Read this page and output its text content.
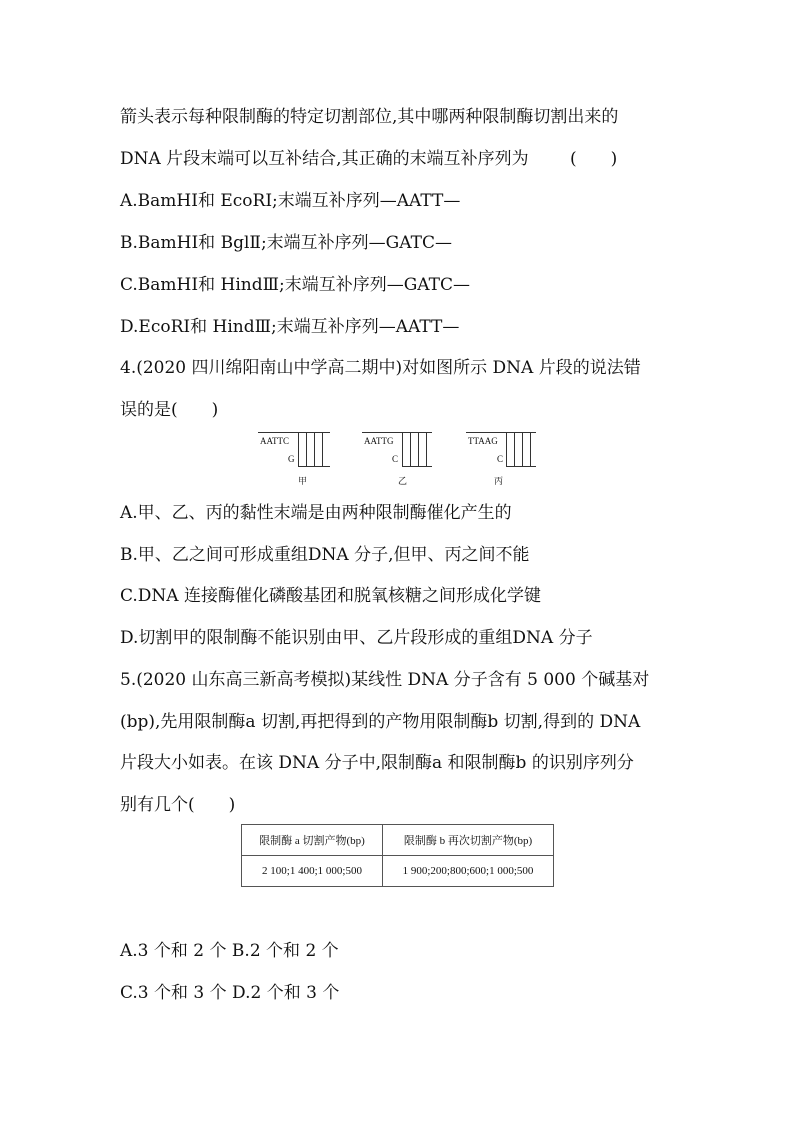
箭头表示每种限制酶的特定切割部位,其中哪两种限制酶切割出来的
DNA 片段末端可以互补结合,其正确的末端互补序列为 (　　)
A.BamHⅠ和 EcoRⅠ;末端互补序列—AATT—
B.BamHⅠ和 BglⅡ;末端互补序列—GATC—
C.BamHⅠ和 HindⅢ;末端互补序列—GATC—
D.EcoRⅠ和 HindⅢ;末端互补序列—AATT—
4.(2020 四川绵阳南山中学高二期中)对如图所示 DNA 片段的说法错
误的是(　　)
AATTC
G
甲
AATTG
C
乙
TTAAG
C
丙
A.甲、乙、丙的黏性末端是由两种限制酶催化产生的
B.甲、乙之间可形成重组DNA 分子,但甲、丙之间不能
C.DNA 连接酶催化磷酸基团和脱氧核糖之间形成化学键
D.切割甲的限制酶不能识别由甲、乙片段形成的重组DNA 分子
5.(2020 山东高三新高考模拟)某线性 DNA 分子含有 5 000 个碱基对
(bp),先用限制酶a 切割,再把得到的产物用限制酶b 切割,得到的 DNA
片段大小如表。在该 DNA 分子中,限制酶a 和限制酶b 的识别序列分
别有几个(　　)
限制酶 a 切割产物(bp)	限制酶 b 再次切割产物(bp)
2 100;1 400;1 000;500	1 900;200;800;600;1 000;500
A.3 个和 2 个 B.2 个和 2 个
C.3 个和 3 个 D.2 个和 3 个
